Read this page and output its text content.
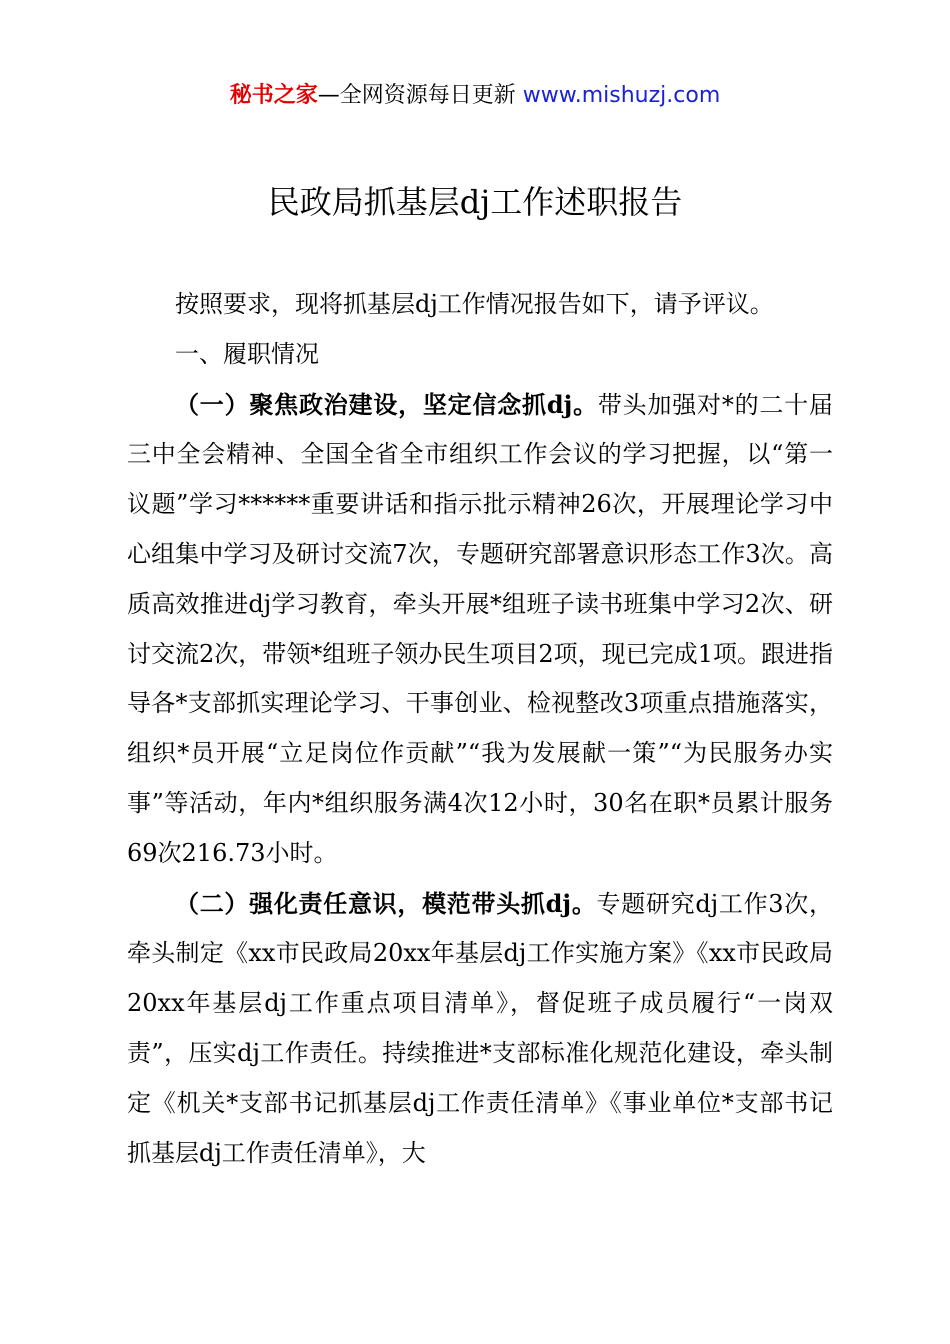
秘书之家—全网资源每日更新 www.mishuzj.com
民政局抓基层dj工作述职报告

按照要求，现将抓基层dj工作情况报告如下，请予评议。

一、履职情况

（一）聚焦政治建设，坚定信念抓dj。带头加强对*的二十届三中全会精神、全国全省全市组织工作会议的学习把握，以“第一议题”学习******重要讲话和指示批示精神26次，开展理论学习中心组集中学习及研讨交流7次，专题研究部署意识形态工作3次。高质高效推进dj学习教育，牵头开展*组班子读书班集中学习2次、研讨交流2次，带领*组班子领办民生项目2项，现已完成1项。跟进指导各*支部抓实理论学习、干事创业、检视整改3项重点措施落实，组织*员开展“立足岗位作贡献”“我为发展献一策”“为民服务办实事”等活动，年内*组织服务满4次12小时，30名在职*员累计服务69次216.73小时。

（二）强化责任意识，模范带头抓dj。专题研究dj工作3次，牵头制定《xx市民政局20xx年基层dj工作实施方案》《xx市民政局20xx年基层dj工作重点项目清单》，督促班子成员履行“一岗双责”，压实dj工作责任。持续推进*支部标准化规范化建设，牵头制定《机关*支部书记抓基层dj工作责任清单》《事业单位*支部书记抓基层dj工作责任清单》，大
